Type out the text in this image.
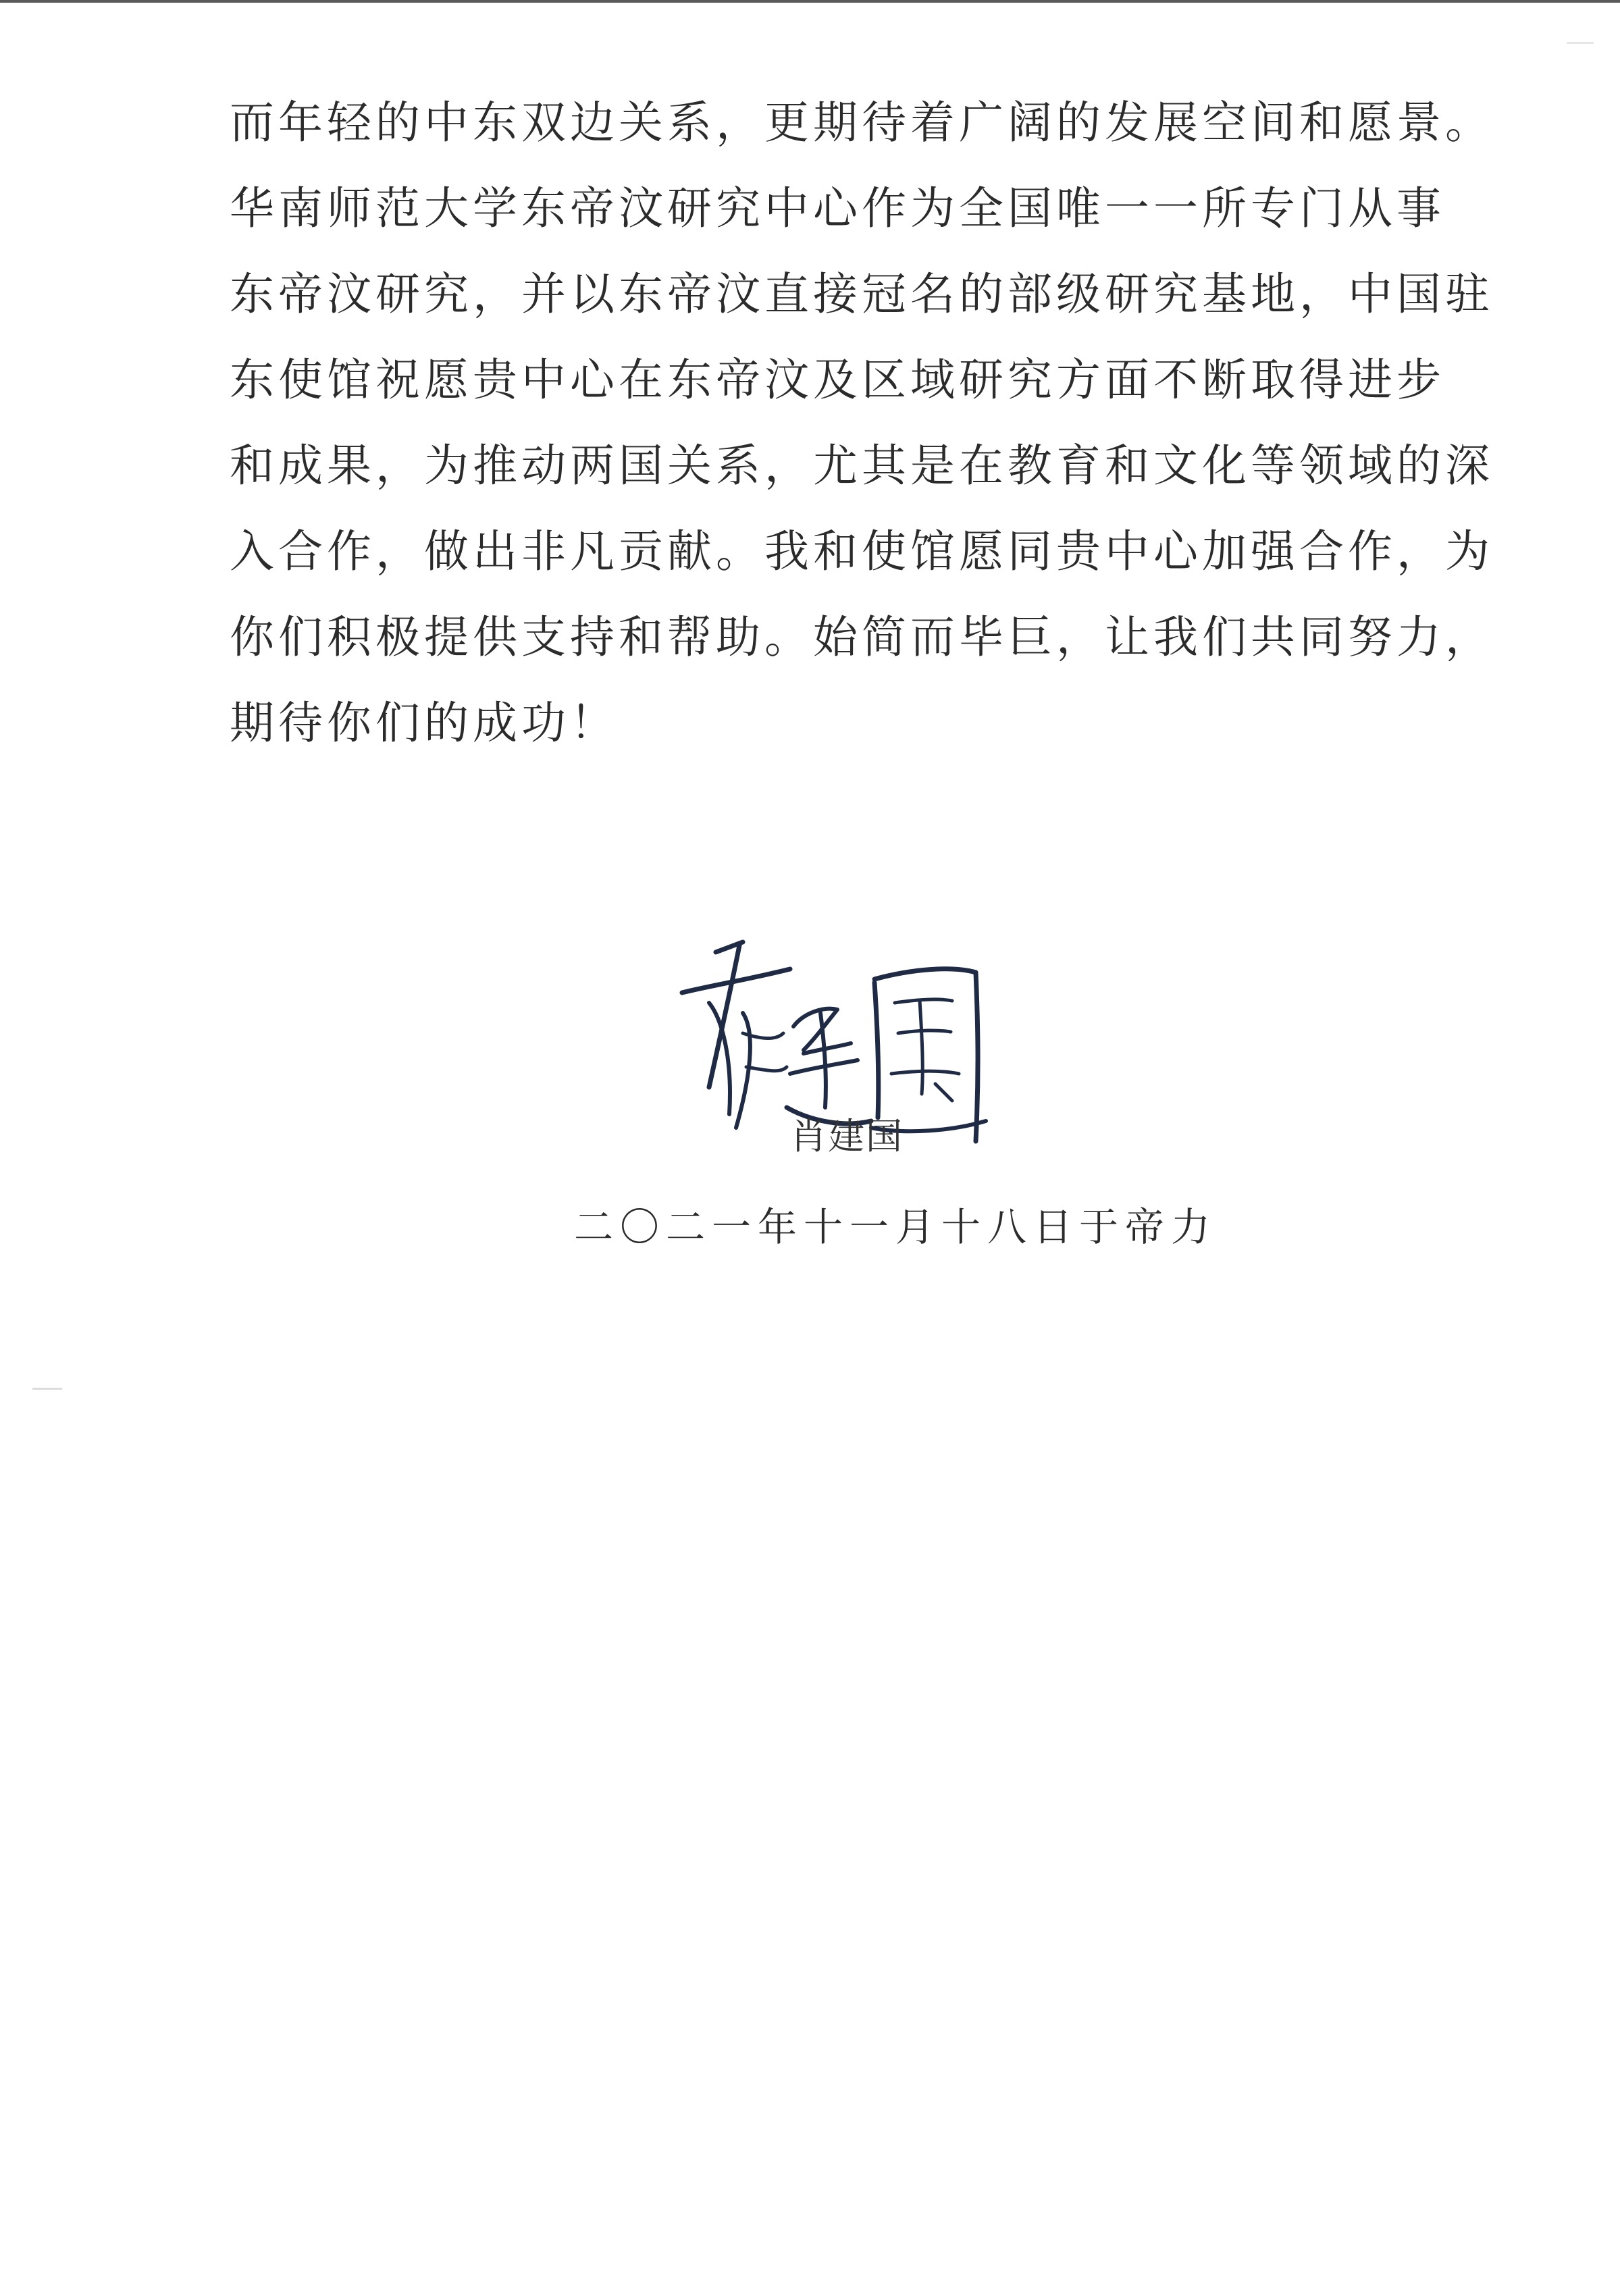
而年轻的中东双边关系，更期待着广阔的发展空间和愿景。
华南师范大学东帝汶研究中心作为全国唯一一所专门从事
东帝汶研究，并以东帝汶直接冠名的部级研究基地，中国驻
东使馆祝愿贵中心在东帝汶及区域研究方面不断取得进步
和成果，为推动两国关系，尤其是在教育和文化等领域的深
入合作，做出非凡贡献。我和使馆愿同贵中心加强合作，为
你们积极提供支持和帮助。始简而毕巨，让我们共同努力，
期待你们的成功！
肖建国
二〇二一年十一月十八日于帝力
